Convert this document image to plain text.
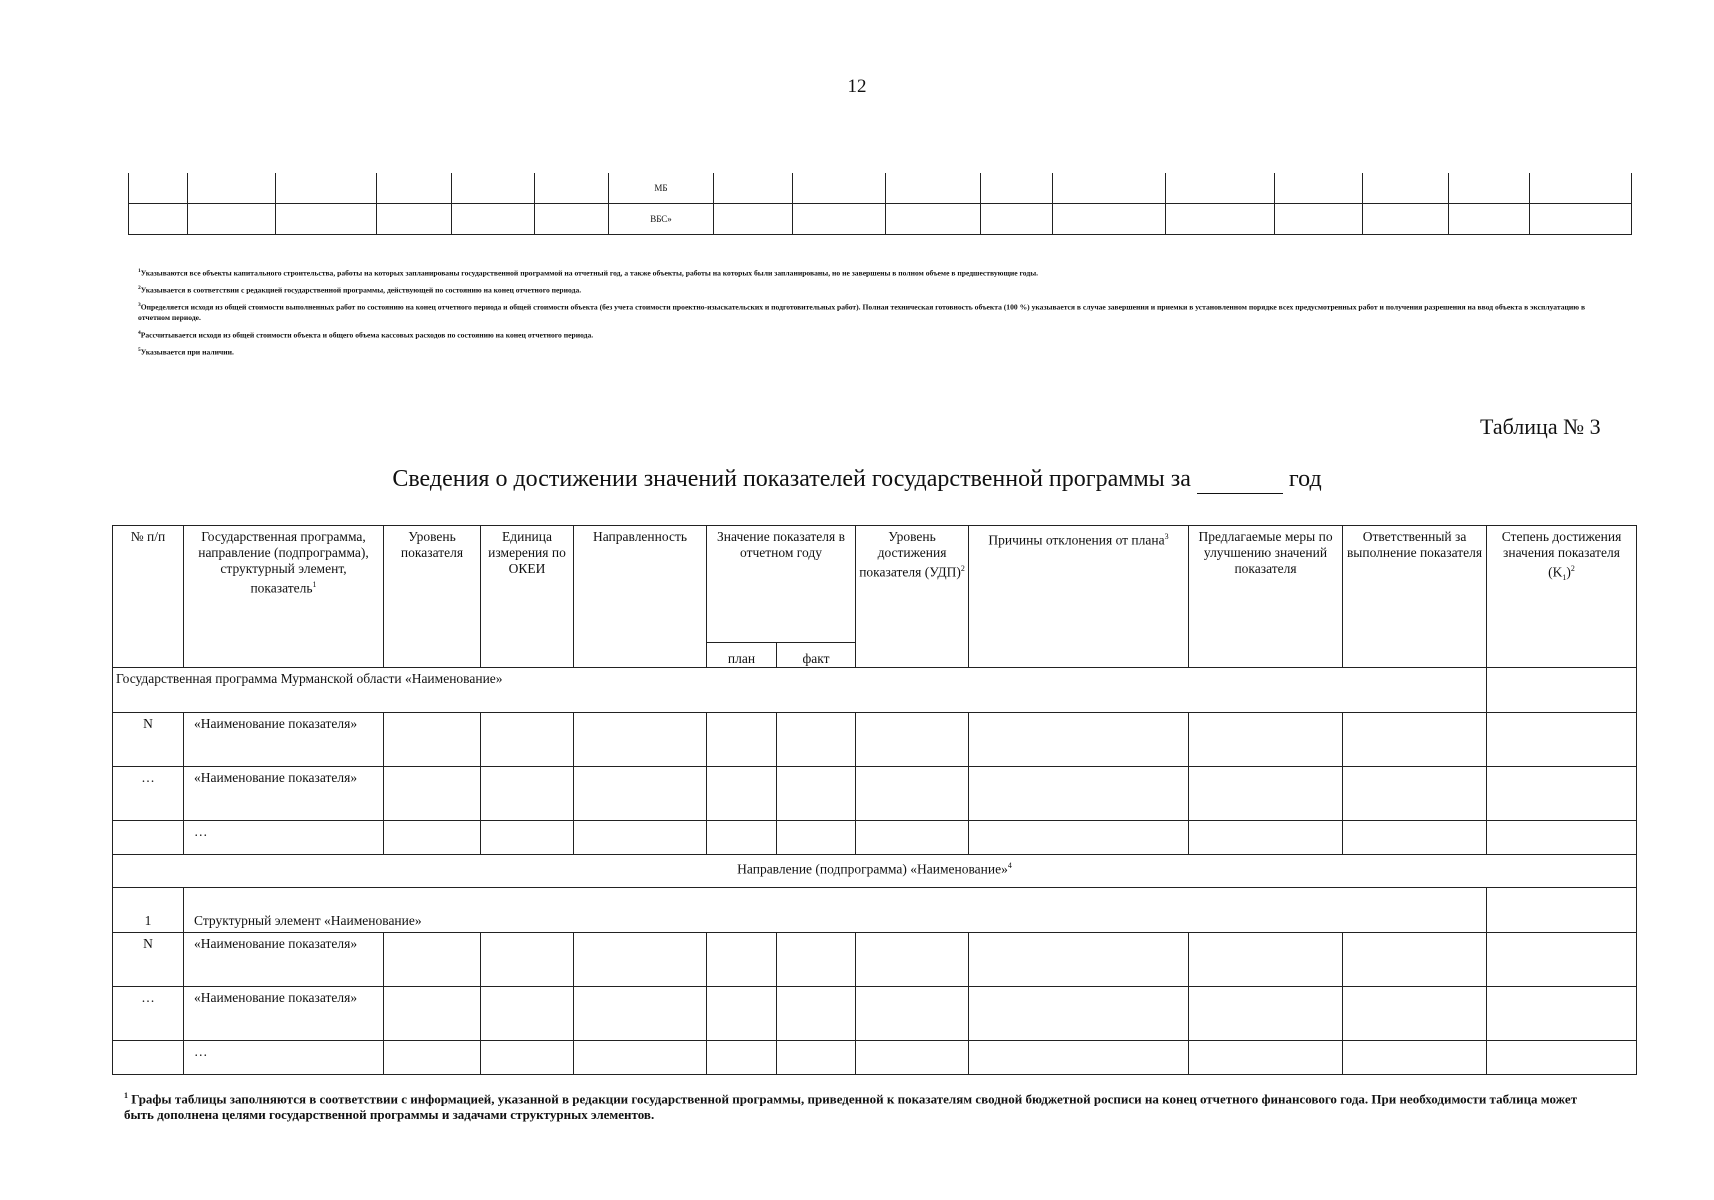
12
						МБ										
						ВБС»										

$^1$Указываются все объекты капитального строительства, работы на которых запланированы государственной программой на отчетный год, а также объекты, работы на которых были запланированы, но не завершены в полном объеме в предшествующие годы.

$^2$Указывается в соответствии с редакцией государственной программы, действующей по состоянию на конец отчетного периода.

$^3$Определяется исходя из общей стоимости выполненных работ по состоянию на конец отчетного периода и общей стоимости объекта (без учета стоимости проектно-изыскательских и подготовительных работ). Полная техническая готовность объекта (100 %) указывается в случае завершения и приемки в установленном порядке всех предусмотренных работ и получения разрешения на ввод объекта в эксплуатацию в отчетном периоде.

$^4$Рассчитывается исходя из общей стоимости объекта и общего объема кассовых расходов по состоянию на конец отчетного периода.

$^5$Указывается при наличии.

Таблица № 3
Сведения о достижении значений показателей государственной программы за	год
№ п/п	Государственная программа, направление (подпрограмма), структурный элемент, показатель$^1$	Уровень показателя	Единица измерения по ОКЕИ	Направленность	Значение показателя в отчетном году		Уровень достижения показателя (УДП)$^2$	Причины отклонения от плана$^3$	Предлагаемые меры по улучшению значений показателя	Ответственный за выполнение показателя	Степень достижения значения показателя $(K_1)^2$
					план	факт					
Государственная программа Мурманской области «Наименование»											
N	«Наименование показателя»										
…	«Наименование показателя»										
	…										
Направление (подпрограмма) «Наименование»$^4$
1	Структурный элемент «Наименование»										
N	«Наименование показателя»										
…	«Наименование показателя»										
	…										
$^1$ Графы таблицы заполняются в соответствии с информацией, указанной в редакции государственной программы, приведенной к показателям сводной бюджетной росписи на конец отчетного финансового года. При необходимости таблица может быть дополнена целями государственной программы и задачами структурных элементов.
